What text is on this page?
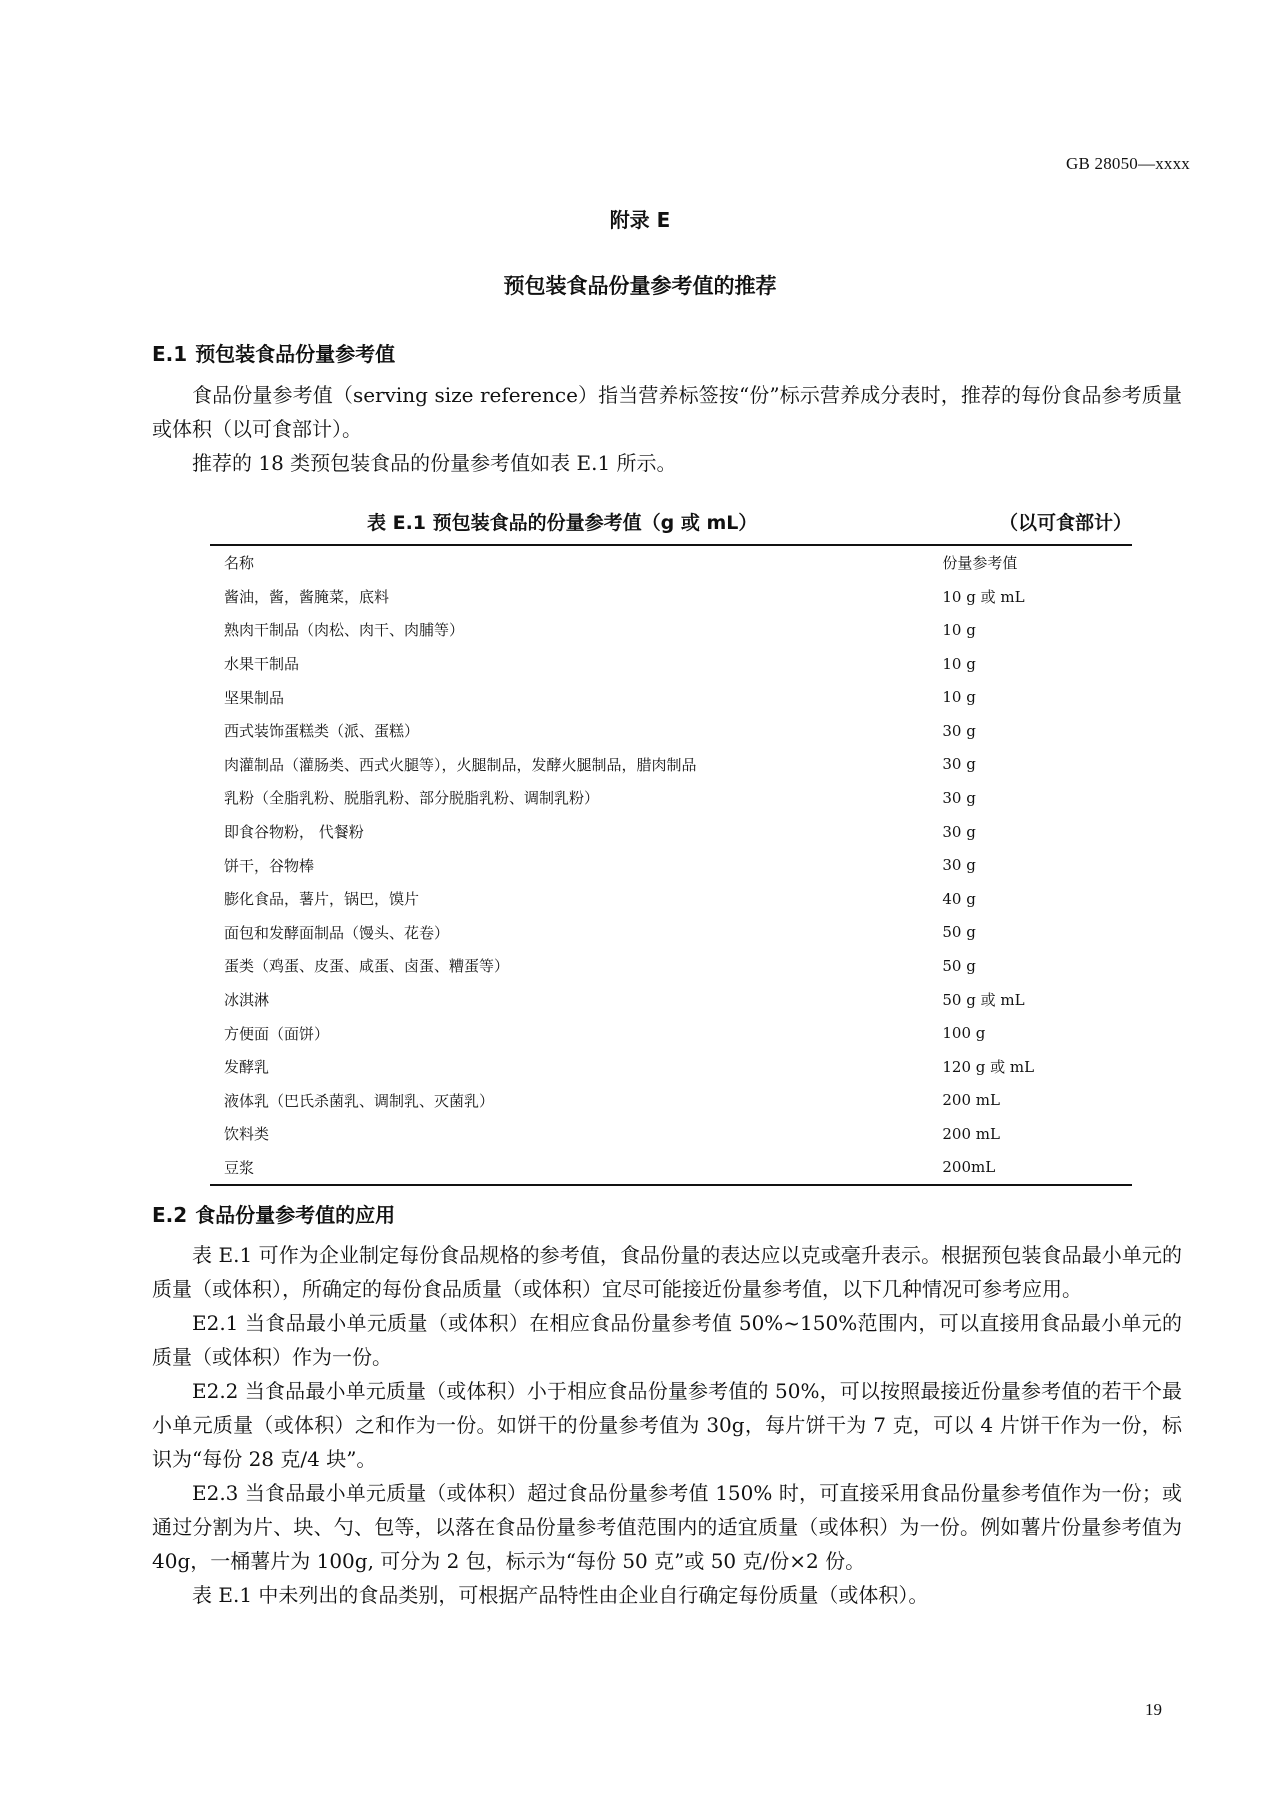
GB 28050—xxxx
附录 E
预包装食品份量参考值的推荐
E.1 预包装食品份量参考值

食品份量参考值（serving size reference）指当营养标签按“份”标示营养成分表时，推荐的每份食品参考质量或体积（以可食部计）。

推荐的 18 类预包装食品的份量参考值如表 E.1 所示。

表 E.1 预包装食品的份量参考值（g 或 mL）	（以可食部计）
名称	份量参考值
酱油，酱，酱腌菜，底料	10 g 或 mL
熟肉干制品（肉松、肉干、肉脯等）	10 g
水果干制品	10 g
坚果制品	10 g
西式装饰蛋糕类（派、蛋糕）	30 g
肉灌制品（灌肠类、西式火腿等），火腿制品，发酵火腿制品，腊肉制品	30 g
乳粉（全脂乳粉、脱脂乳粉、部分脱脂乳粉、调制乳粉）	30 g
即食谷物粉， 代餐粉	30 g
饼干，谷物棒	30 g
膨化食品，薯片，锅巴，馍片	40 g
面包和发酵面制品（馒头、花卷）	50 g
蛋类（鸡蛋、皮蛋、咸蛋、卤蛋、糟蛋等）	50 g
冰淇淋	50 g 或 mL
方便面（面饼）	100 g
发酵乳	120 g 或 mL
液体乳（巴氏杀菌乳、调制乳、灭菌乳）	200 mL
饮料类	200 mL
豆浆	200mL
E.2 食品份量参考值的应用

表 E.1 可作为企业制定每份食品规格的参考值，食品份量的表达应以克或毫升表示。根据预包装食品最小单元的质量（或体积），所确定的每份食品质量（或体积）宜尽可能接近份量参考值，以下几种情况可参考应用。

E2.1 当食品最小单元质量（或体积）在相应食品份量参考值 50%~150%范围内，可以直接用食品最小单元的质量（或体积）作为一份。

E2.2 当食品最小单元质量（或体积）小于相应食品份量参考值的 50%，可以按照最接近份量参考值的若干个最小单元质量（或体积）之和作为一份。如饼干的份量参考值为 30g，每片饼干为 7 克，可以 4 片饼干作为一份，标识为“每份 28 克/4 块”。

E2.3 当食品最小单元质量（或体积）超过食品份量参考值 150% 时，可直接采用食品份量参考值作为一份；或通过分割为片、块、勺、包等，以落在食品份量参考值范围内的适宜质量（或体积）为一份。例如薯片份量参考值为 40g，一桶薯片为 100g, 可分为 2 包，标示为“每份 50 克”或 50 克/份×2 份。

表 E.1 中未列出的食品类别，可根据产品特性由企业自行确定每份质量（或体积）。

19
